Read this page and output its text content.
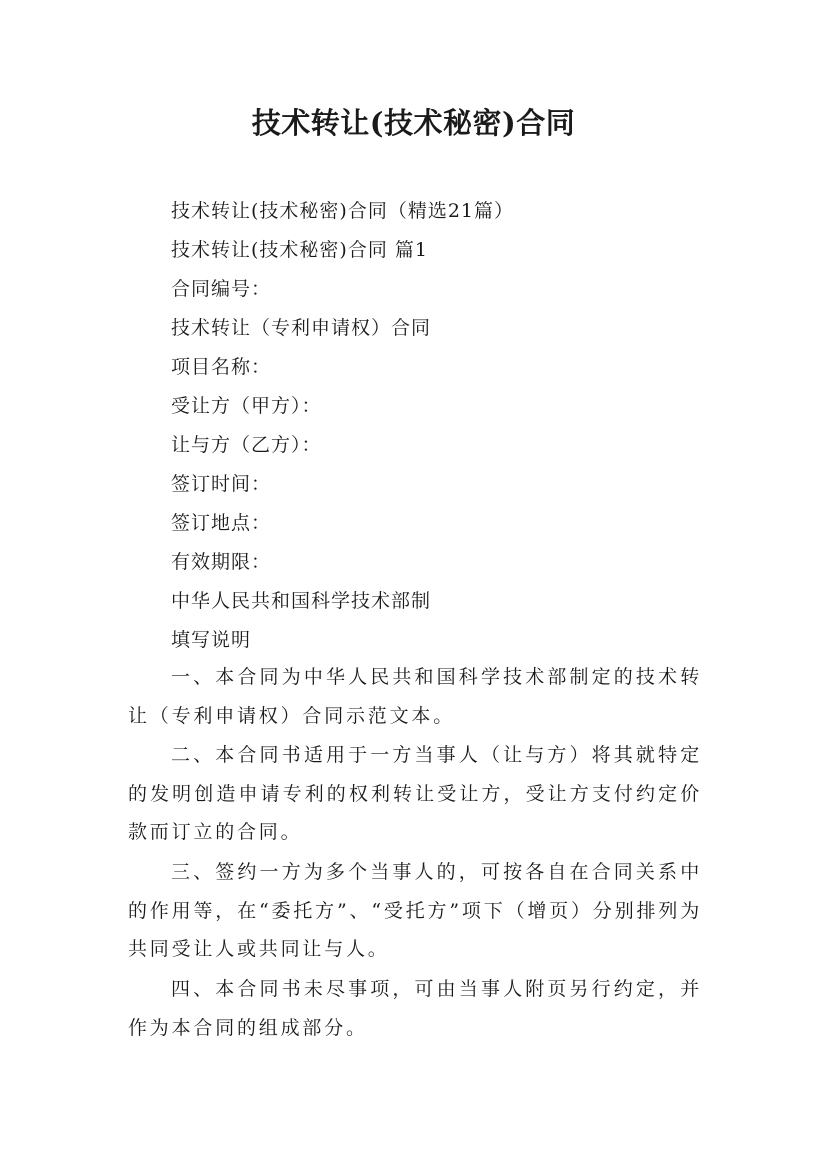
技术转让(技术秘密)合同
技术转让(技术秘密)合同（精选21篇）
技术转让(技术秘密)合同 篇1
合同编号：
技术转让（专利申请权）合同
项目名称：
受让方（甲方）：
让与方（乙方）：
签订时间：
签订地点：
有效期限：
中华人民共和国科学技术部制
填写说明

一、本合同为中华人民共和国科学技术部制定的技术转让（专利申请权）合同示范文本。

二、本合同书适用于一方当事人（让与方）将其就特定的发明创造申请专利的权利转让受让方，受让方支付约定价款而订立的合同。

三、签约一方为多个当事人的，可按各自在合同关系中的作用等，在“委托方”、“受托方”项下（增页）分别排列为共同受让人或共同让与人。

四、本合同书未尽事项，可由当事人附页另行约定，并作为本合同的组成部分。
